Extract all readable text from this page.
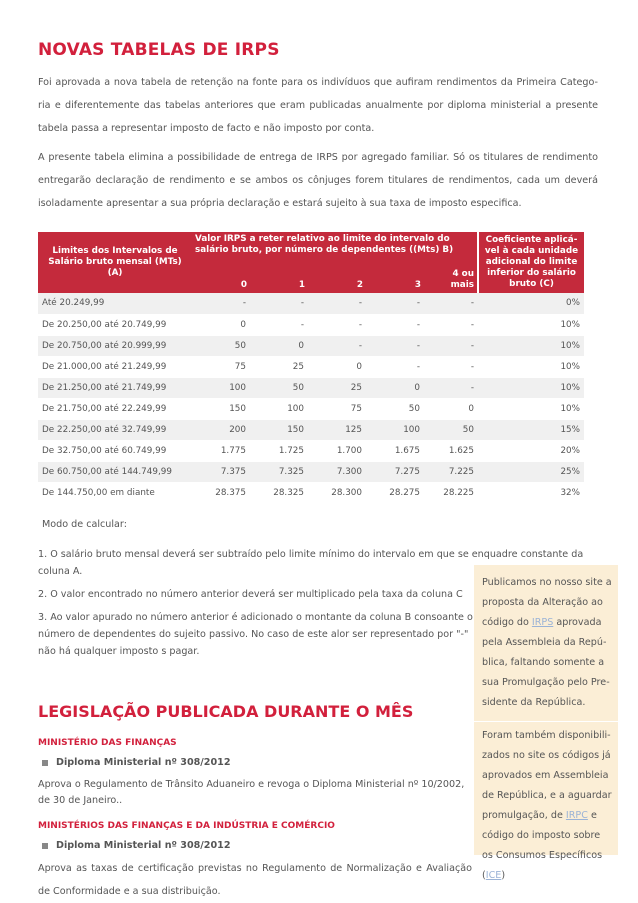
NOVAS TABELAS DE IRPS

Foi aprovada a nova tabela de retenção na fonte para os indivíduos que aufiram rendimentos da Primeira Catego- ria e diferentemente das tabelas anteriores que eram publicadas anualmente por diploma ministerial a presente tabela passa a representar imposto de facto e não imposto por conta.

A presente tabela elimina a possibilidade de entrega de IRPS por agregado familiar. Só os titulares de rendimento entregarão declaração de rendimento e se ambos os cônjuges forem titulares de rendimentos, cada um deverá isoladamente apresentar a sua própria declaração e estará sujeito à sua taxa de imposto especifica.

Limites dos Intervalos de Salário bruto mensal (MTs) (A)	Valor IRPS a reter relativo ao limite do intervalo do salário bruto, por número de dependentes ((Mts) B)					Coeficiente aplicá- vel à cada unidade adicional do limite inferior do salário bruto (C)
	0	1	2	3	4 ou mais	
Até 20.249,99	-	-	-	-	-	0%
De 20.250,00 até 20.749,99	0	-	-	-	-	10%
De 20.750,00 até 20.999,99	50	0	-	-	-	10%
De 21.000,00 até 21.249,99	75	25	0	-	-	10%
De 21.250,00 até 21.749,99	100	50	25	0	-	10%
De 21.750,00 até 22.249,99	150	100	75	50	0	10%
De 22.250,00 até 32.749,99	200	150	125	100	50	15%
De 32.750,00 até 60.749,99	1.775	1.725	1.700	1.675	1.625	20%
De 60.750,00 até 144.749,99	7.375	7.325	7.300	7.275	7.225	25%
De 144.750,00 em diante	28.375	28.325	28.300	28.275	28.225	32%
Modo de calcular:

1. O salário bruto mensal deverá ser subtraído pelo limite mínimo do intervalo em que se enquadre constante da coluna A.

2. O valor encontrado no número anterior deverá ser multiplicado pela taxa da coluna C

3. Ao valor apurado no número anterior é adicionado o montante da coluna B consoante o número de dependentes do sujeito passivo. No caso de este alor ser representado por "-" não há qualquer imposto s pagar.

Publicamos no nosso site a proposta da Alteração ao código do IRPS aprovada pela Assembleia da Repú- blica, faltando somente a sua Promulgação pelo Pre- sidente da República.

Foram também disponibili- zados no site os códigos já aprovados em Assembleia de República, e a aguardar promulgação, de IRPC e código do imposto sobre os Consumos Específicos (ICE)

LEGISLAÇÃO PUBLICADA DURANTE O MÊS
MINISTÉRIO DAS FINANÇAS
Diploma Ministerial nº 308/2012
Aprova o Regulamento de Trânsito Aduaneiro e revoga o Diploma Ministerial nº 10/2002, de 30 de Janeiro..
MINISTÉRIOS DAS FINANÇAS E DA INDÚSTRIA E COMÉRCIO
Diploma Ministerial nº 308/2012
Aprova as taxas de certificação previstas no Regulamento de Normalização e Avaliação de Conformidade e a sua distribuição.
